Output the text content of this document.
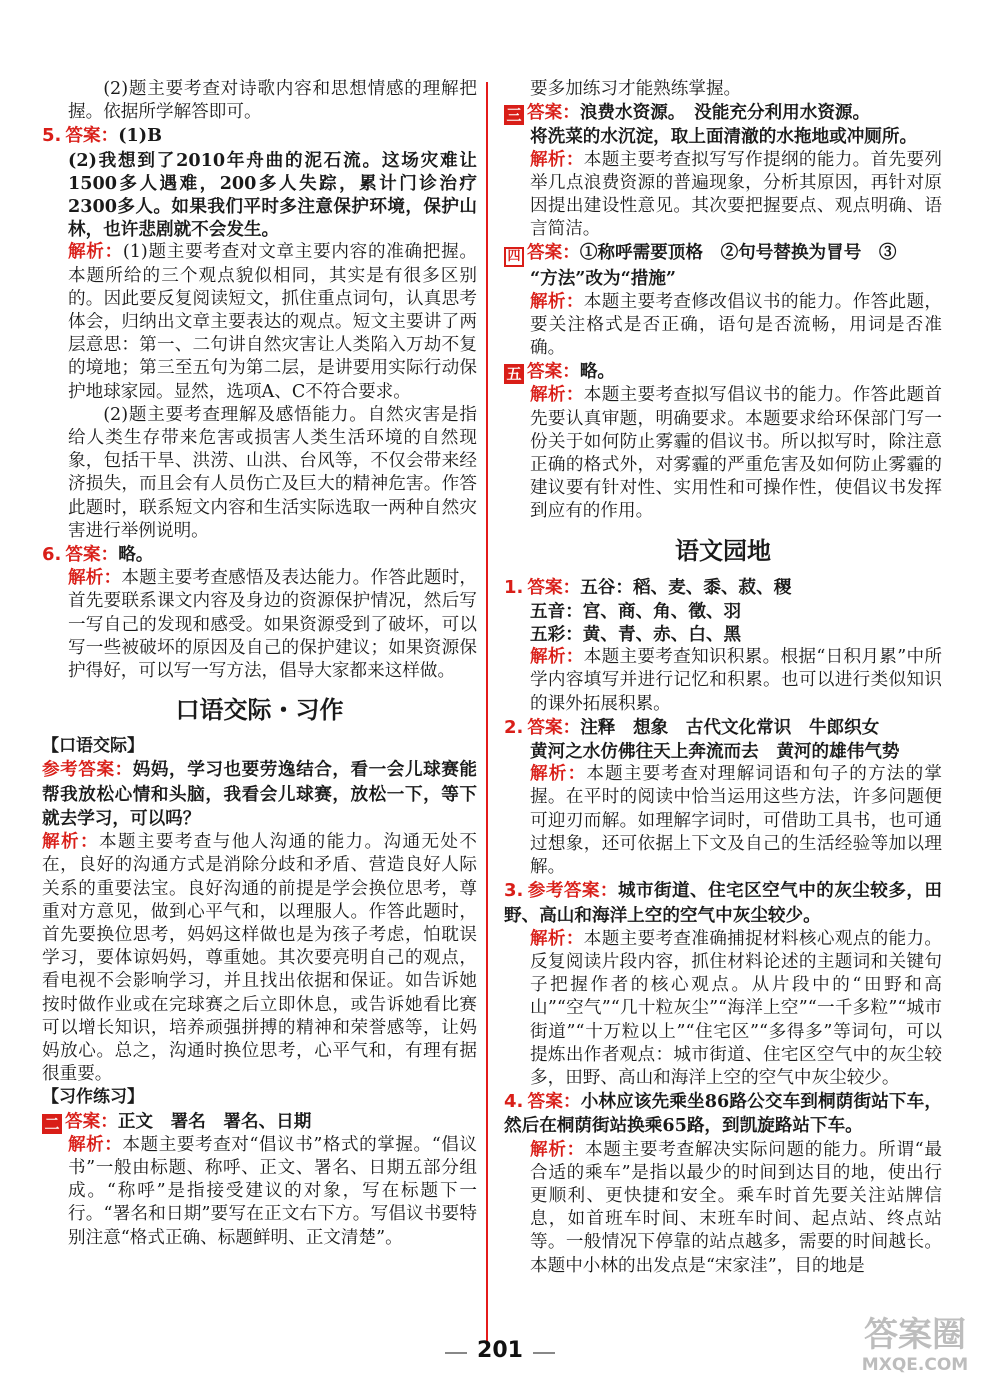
(2)题主要考查对诗歌内容和思想情感的理解把握。依据所学解答即可。

5. 答案：(1)B

(2)我想到了2010年舟曲的泥石流。这场灾难让1500多人遇难，200多人失踪，累计门诊治疗2300多人。如果我们平时多注意保护环境，保护山林，也许悲剧就不会发生。

解析：(1)题主要考查对文章主要内容的准确把握。本题所给的三个观点貌似相同，其实是有很多区别的。因此要反复阅读短文，抓住重点词句，认真思考体会，归纳出文章主要表达的观点。短文主要讲了两层意思：第一、二句讲自然灾害让人类陷入万劫不复的境地；第三至五句为第二层，是讲要用实际行动保护地球家园。显然，选项A、C不符合要求。

(2)题主要考查理解及感悟能力。自然灾害是指给人类生存带来危害或损害人类生活环境的自然现象，包括干旱、洪涝、山洪、台风等，不仅会带来经济损失，而且会有人员伤亡及巨大的精神危害。作答此题时，联系短文内容和生活实际选取一两种自然灾害进行举例说明。

6. 答案：略。

解析：本题主要考查感悟及表达能力。作答此题时，首先要联系课文内容及身边的资源保护情况，然后写一写自己的发现和感受。如果资源受到了破坏，可以写一些被破坏的原因及自己的保护建议；如果资源保护得好，可以写一写方法，倡导大家都来这样做。

口语交际・习作

【口语交际】

参考答案：妈妈，学习也要劳逸结合，看一会儿球赛能帮我放松心情和头脑，我看会儿球赛，放松一下，等下就去学习，可以吗？

解析：本题主要考查与他人沟通的能力。沟通无处不在，良好的沟通方式是消除分歧和矛盾、营造良好人际关系的重要法宝。良好沟通的前提是学会换位思考，尊重对方意见，做到心平气和，以理服人。作答此题时，首先要换位思考，妈妈这样做也是为孩子考虑，怕耽误学习，要体谅妈妈，尊重她。其次要亮明自己的观点，看电视不会影响学习，并且找出依据和保证。如告诉她按时做作业或在完球赛之后立即休息，或告诉她看比赛可以增长知识，培养顽强拼搏的精神和荣誉感等，让妈妈放心。总之，沟通时换位思考，心平气和，有理有据很重要。

【习作练习】

二 答案：正文　署名　署名、日期

解析：本题主要考查对“倡议书”格式的掌握。“倡议书”一般由标题、称呼、正文、署名、日期五部分组成。“称呼”是指接受建议的对象，写在标题下一行。“署名和日期”要写在正文右下方。写倡议书要特别注意“格式正确、标题鲜明、正文清楚”。

要多加练习才能熟练掌握。

三 答案：浪费水资源。　没能充分利用水资源。

将洗菜的水沉淀，取上面清澈的水拖地或冲厕所。

解析：本题主要考查拟写写作提纲的能力。首先要列举几点浪费资源的普遍现象，分析其原因，再针对原因提出建设性意见。其次要把握要点、观点明确、语言简洁。

四 答案：①称呼需要顶格　②句号替换为冒号　③

“方法”改为“措施”

解析：本题主要考查修改倡议书的能力。作答此题，要关注格式是否正确，语句是否流畅，用词是否准确。

五 答案：略。

解析：本题主要考查拟写倡议书的能力。作答此题首先要认真审题，明确要求。本题要求给环保部门写一份关于如何防止雾霾的倡议书。所以拟写时，除注意正确的格式外，对雾霾的严重危害及如何防止雾霾的建议要有针对性、实用性和可操作性，使倡议书发挥到应有的作用。

语文园地

1. 答案：五谷：稻、麦、黍、菽、稷

五音：宫、商、角、徵、羽

五彩：黄、青、赤、白、黑

解析：本题主要考查知识积累。根据“日积月累”中所学内容填写并进行记忆和积累。也可以进行类似知识的课外拓展积累。

2. 答案：注释　想象　古代文化常识　牛郎织女

黄河之水仿佛往天上奔流而去　黄河的雄伟气势

解析：本题主要考查对理解词语和句子的方法的掌握。在平时的阅读中恰当运用这些方法，许多问题便可迎刃而解。如理解字词时，可借助工具书，也可通过想象，还可依据上下文及自己的生活经验等加以理解。

3. 参考答案：城市街道、住宅区空气中的灰尘较多，田野、高山和海洋上空的空气中灰尘较少。

解析：本题主要考查准确捕捉材料核心观点的能力。反复阅读片段内容，抓住材料论述的主题词和关键句子把握作者的核心观点。从片段中的“田野和高山”“空气”“几十粒灰尘”“海洋上空”“一千多粒”“城市街道”“十万粒以上”“住宅区”“多得多”等词句，可以提炼出作者观点：城市街道、住宅区空气中的灰尘较多，田野、高山和海洋上空的空气中灰尘较少。

4. 答案：小林应该先乘坐86路公交车到桐荫街站下车，然后在桐荫街站换乘65路，到凯旋路站下车。

解析：本题主要考查解决实际问题的能力。所谓“最合适的乘车”是指以最少的时间到达目的地，使出行更顺利、更快捷和安全。乘车时首先要关注站牌信息，如首班车时间、末班车时间、起点站、终点站等。一般情况下停靠的站点越多，需要的时间越长。本题中小林的出发点是“宋家洼”，目的地是

201	答案圈
MXQE.COM
